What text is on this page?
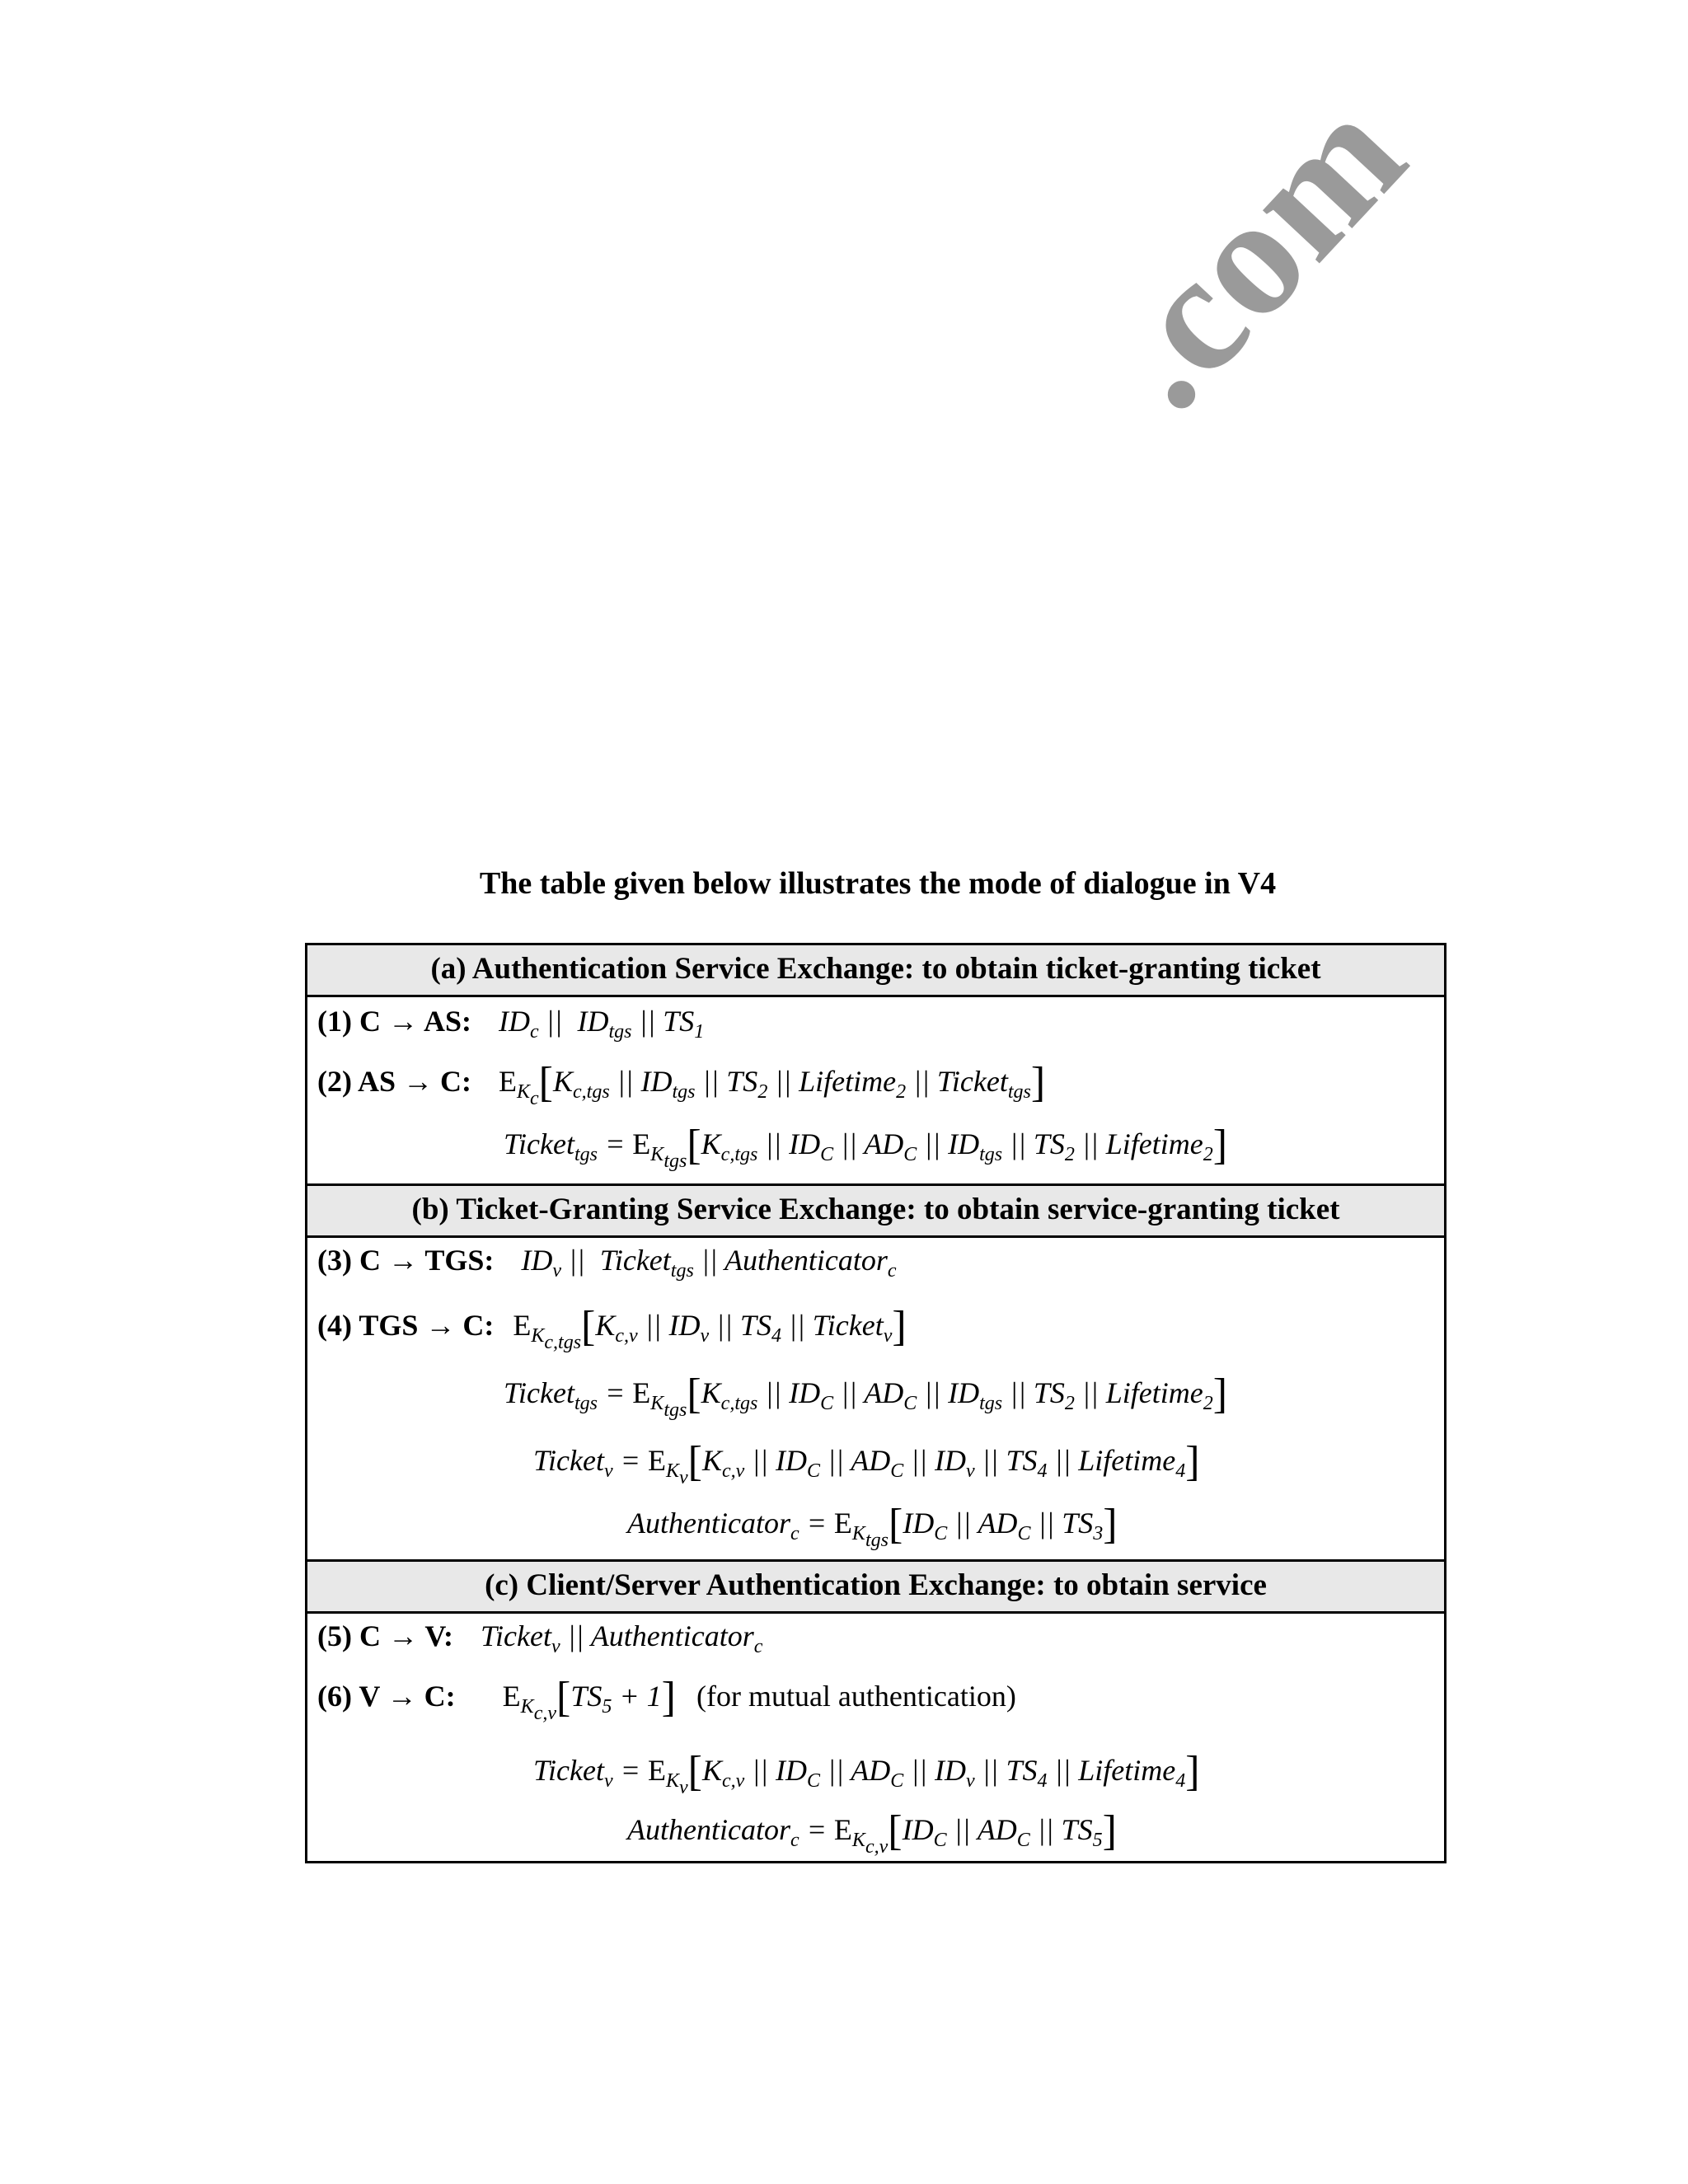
.com
The table given below illustrates the mode of dialogue in V4
(a) Authentication Service Exchange: to obtain ticket-granting ticket
(1) C → AS: $ID_c$ ||  $ID_{tgs}$ || $TS_1$
(2) AS → C: $E_{K_c}[K_{c,tgs}$ || $ID_{tgs}$ || $TS_2$ || Lifetime$_2$ || Ticket$_{tgs}$]
Ticket$_{tgs}$ = $E_{K_{tgs}}[K_{c,tgs}$ || $ID_C$ || $AD_C$ || $ID_{tgs}$ || $TS_2$ || Lifetime$_2$]
(b) Ticket-Granting Service Exchange: to obtain service-granting ticket
(3) C → TGS: $ID_v$ ||  Ticket$_{tgs}$ || Authenticator$_c$
(4) TGS → C: $E_{K_{c,tgs}}[K_{c,v}$ || $ID_v$ || $TS_4$ || Ticket$_v$]
Ticket$_{tgs}$ = $E_{K_{tgs}}[K_{c,tgs}$ || $ID_C$ || $AD_C$ || $ID_{tgs}$ || $TS_2$ || Lifetime$_2$]
Ticket$_v$ = $E_{K_v}[K_{c,v}$ || $ID_C$ || $AD_C$ || $ID_v$ || $TS_4$ || Lifetime$_4$]
Authenticator$_c$ = $E_{K_{tgs}}[ID_C$ || $AD_C$ || $TS_3$]
(c) Client/Server Authentication Exchange: to obtain service
(5) C → V: Ticket$_v$ || Authenticator$_c$
(6) V → C: $E_{K_{c,v}}[TS_5 + 1]$ (for mutual authentication)
Ticket$_v$ = $E_{K_v}[K_{c,v}$ || $ID_C$ || $AD_C$ || $ID_v$ || $TS_4$ || Lifetime$_4$]
Authenticator$_c$ = $E_{K_{c,v}}[ID_C$ || $AD_C$ || $TS_5$]
